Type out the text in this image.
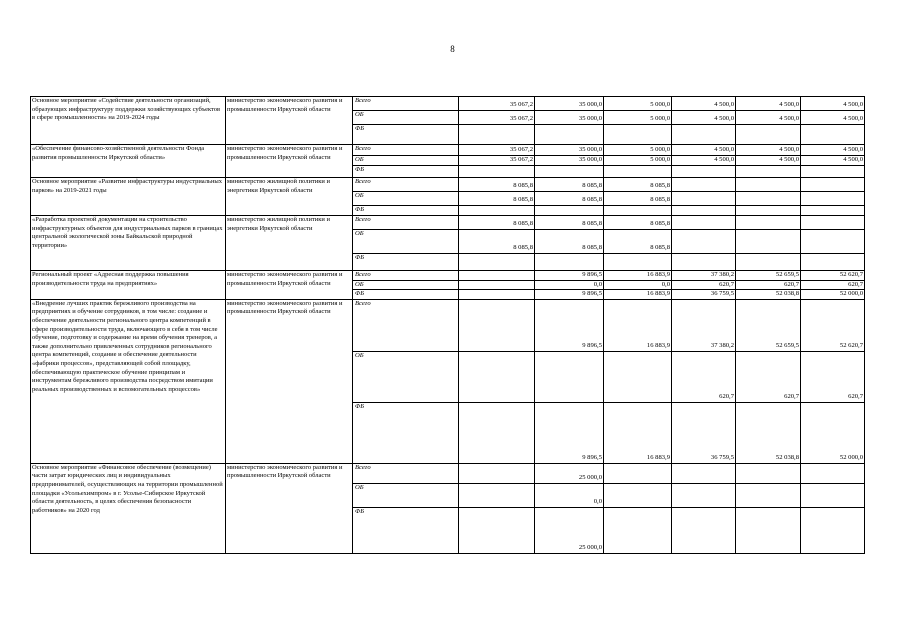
8
Основное мероприятие «Содействие деятельности организаций, образующих инфраструктуру поддержки хозяйствующих субъектов в сфере промышленности» на 2019-2024 годы	министерство экономического развития и промышленности Иркутской области	Всего	35 067,2	35 000,0	5 000,0	4 500,0	4 500,0	4 500,0
		ОБ	35 067,2	35 000,0	5 000,0	4 500,0	4 500,0	4 500,0
		ФБ						
«Обеспечение финансово-хозяйственной деятельности Фонда развития промышленности Иркутской области»	министерство экономического развития и промышленности Иркутской области	Всего	35 067,2	35 000,0	5 000,0	4 500,0	4 500,0	4 500,0
		ОБ	35 067,2	35 000,0	5 000,0	4 500,0	4 500,0	4 500,0
		ФБ						
Основное мероприятие «Развитие инфраструктуры индустриальных парков» на 2019-2021 годы	министерство жилищной политики и энергетики Иркутской области	Всего	8 085,8	8 085,8	8 085,8			
		ОБ	8 085,8	8 085,8	8 085,8			
		ФБ						
«Разработка проектной документации на строительство инфраструктурных объектов для индустриальных парков в границах центральной экологической зоны Байкальской природной территории»	министерство жилищной политики и энергетики Иркутской области	Всего	8 085,8	8 085,8	8 085,8			
		ОБ	8 085,8	8 085,8	8 085,8			
		ФБ						
Региональный проект «Адресная поддержка повышения производительности труда на предприятиях»	министерство экономического развития и промышленности Иркутской области	Всего		9 896,5	16 883,9	37 380,2	52 659,5	52 620,7
		ОБ		0,0	0,0	620,7	620,7	620,7
		ФБ		9 896,5	16 883,9	36 759,5	52 038,8	52 000,0
«Внедрение лучших практик бережливого производства на предприятиях и обучение сотрудников, в том числе: создание и обеспечение деятельности регионального центра компетенций в сфере производительности труда, включающего в себя в том числе обучение, подготовку и содержание на время обучения тренеров, а также дополнительно привлеченных сотрудников регионального центра компетенций, создание и обеспечение деятельности «фабрики процессов», представляющей собой площадку, обеспечивающую практическое обучение принципам и инструментам бережливого производства посредством имитации реальных производственных и вспомогательных процессов»	министерство экономического развития и промышленности Иркутской области	Всего		9 896,5	16 883,9	37 380,2	52 659,5	52 620,7
		ОБ				620,7	620,7	620,7
		ФБ		9 896,5	16 883,9	36 759,5	52 038,8	52 000,0
Основное мероприятие «Финансовое обеспечение (возмещение) части затрат юридических лиц и индивидуальных предпринимателей, осуществляющих на территории промышленной площадки «Усольехимпром» в г. Усолье-Сибирское Иркутской области деятельность, в целях обеспечения безопасности работников» на 2020 год	министерство экономического развития и промышленности Иркутской области	Всего		25 000,0				
		ОБ		0,0				
		ФБ		25 000,0				
